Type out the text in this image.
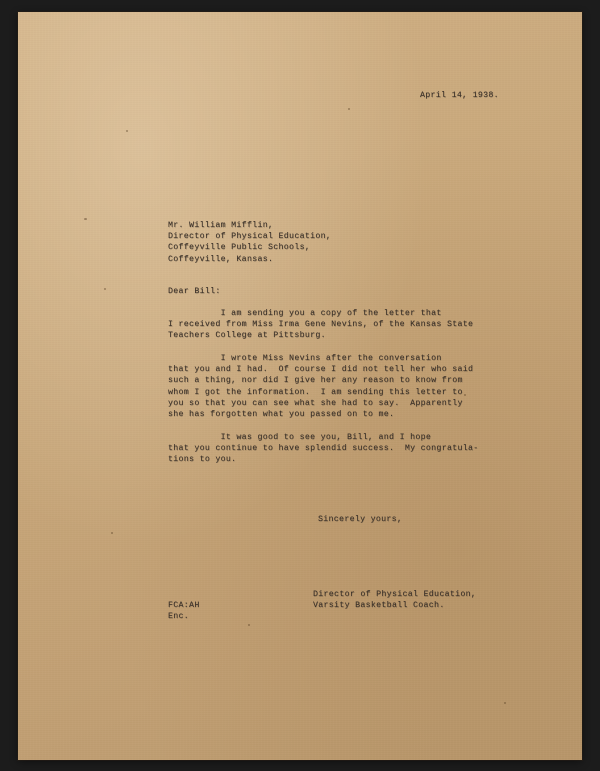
April 14, 1938.
Mr. William Mifflin,
Director of Physical Education,
Coffeyville Public Schools,
Coffeyville, Kansas.
Dear Bill:
I am sending you a copy of the letter that
I received from Miss Irma Gene Nevins, of the Kansas State
Teachers College at Pittsburg.
I wrote Miss Nevins after the conversation
that you and I had.  Of course I did not tell her who said
such a thing, nor did I give her any reason to know from
whom I got the information.  I am sending this letter to
you so that you can see what she had to say.  Apparently
she has forgotten what you passed on to me.
It was good to see you, Bill, and I hope
that you continue to have splendid success.  My congratula-
tions to you.
Sincerely yours,
Director of Physical Education,
Varsity Basketball Coach.
FCA:AH
Enc.
